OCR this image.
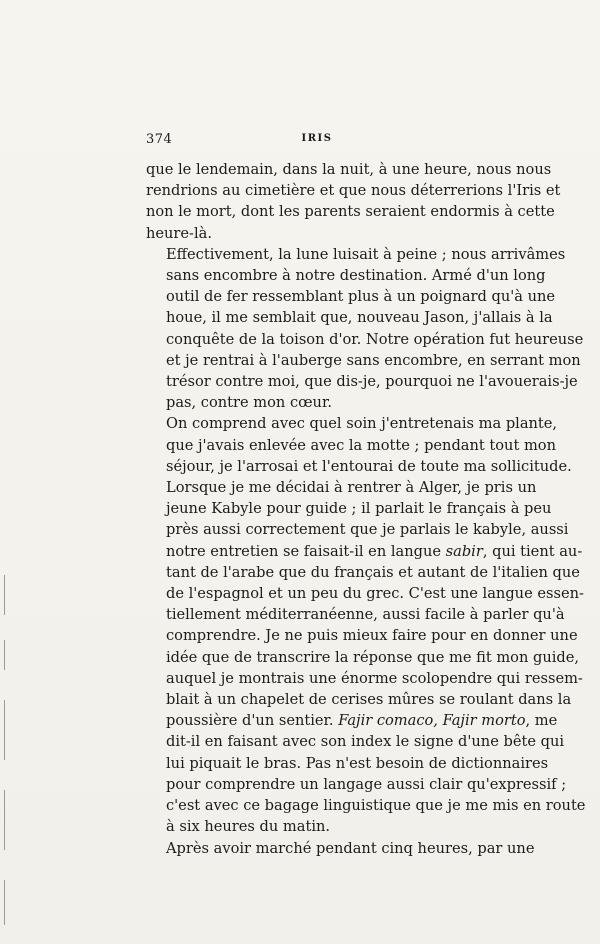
374	IRIS
que le lendemain, dans la nuit, à une heure, nous nous
rendrions au cimetière et que nous déterrerions l'Iris et
non le mort, dont les parents seraient endormis à cette
heure-là.
Effectivement, la lune luisait à peine ; nous arrivâmes
sans encombre à notre destination. Armé d'un long
outil de fer ressemblant plus à un poignard qu'à une
houe, il me semblait que, nouveau Jason, j'allais à la
conquête de la toison d'or. Notre opération fut heureuse
et je rentrai à l'auberge sans encombre, en serrant mon
trésor contre moi, que dis-je, pourquoi ne l'avouerais-je
pas, contre mon cœur.
On comprend avec quel soin j'entretenais ma plante,
que j'avais enlevée avec la motte ; pendant tout mon
séjour, je l'arrosai et l'entourai de toute ma sollicitude.
Lorsque je me décidai à rentrer à Alger, je pris un
jeune Kabyle pour guide ; il parlait le français à peu
près aussi correctement que je parlais le kabyle, aussi
notre entretien se faisait-il en langue sabir, qui tient au-
tant de l'arabe que du français et autant de l'italien que
de l'espagnol et un peu du grec. C'est une langue essen-
tiellement méditerranéenne, aussi facile à parler qu'à
comprendre. Je ne puis mieux faire pour en donner une
idée que de transcrire la réponse que me fit mon guide,
auquel je montrais une énorme scolopendre qui ressem-
blait à un chapelet de cerises mûres se roulant dans la
poussière d'un sentier. Fajir comaco, Fajir morto, me
dit-il en faisant avec son index le signe d'une bête qui
lui piquait le bras. Pas n'est besoin de dictionnaires
pour comprendre un langage aussi clair qu'expressif ;
c'est avec ce bagage linguistique que je me mis en route
à six heures du matin.
Après avoir marché pendant cinq heures, par une
